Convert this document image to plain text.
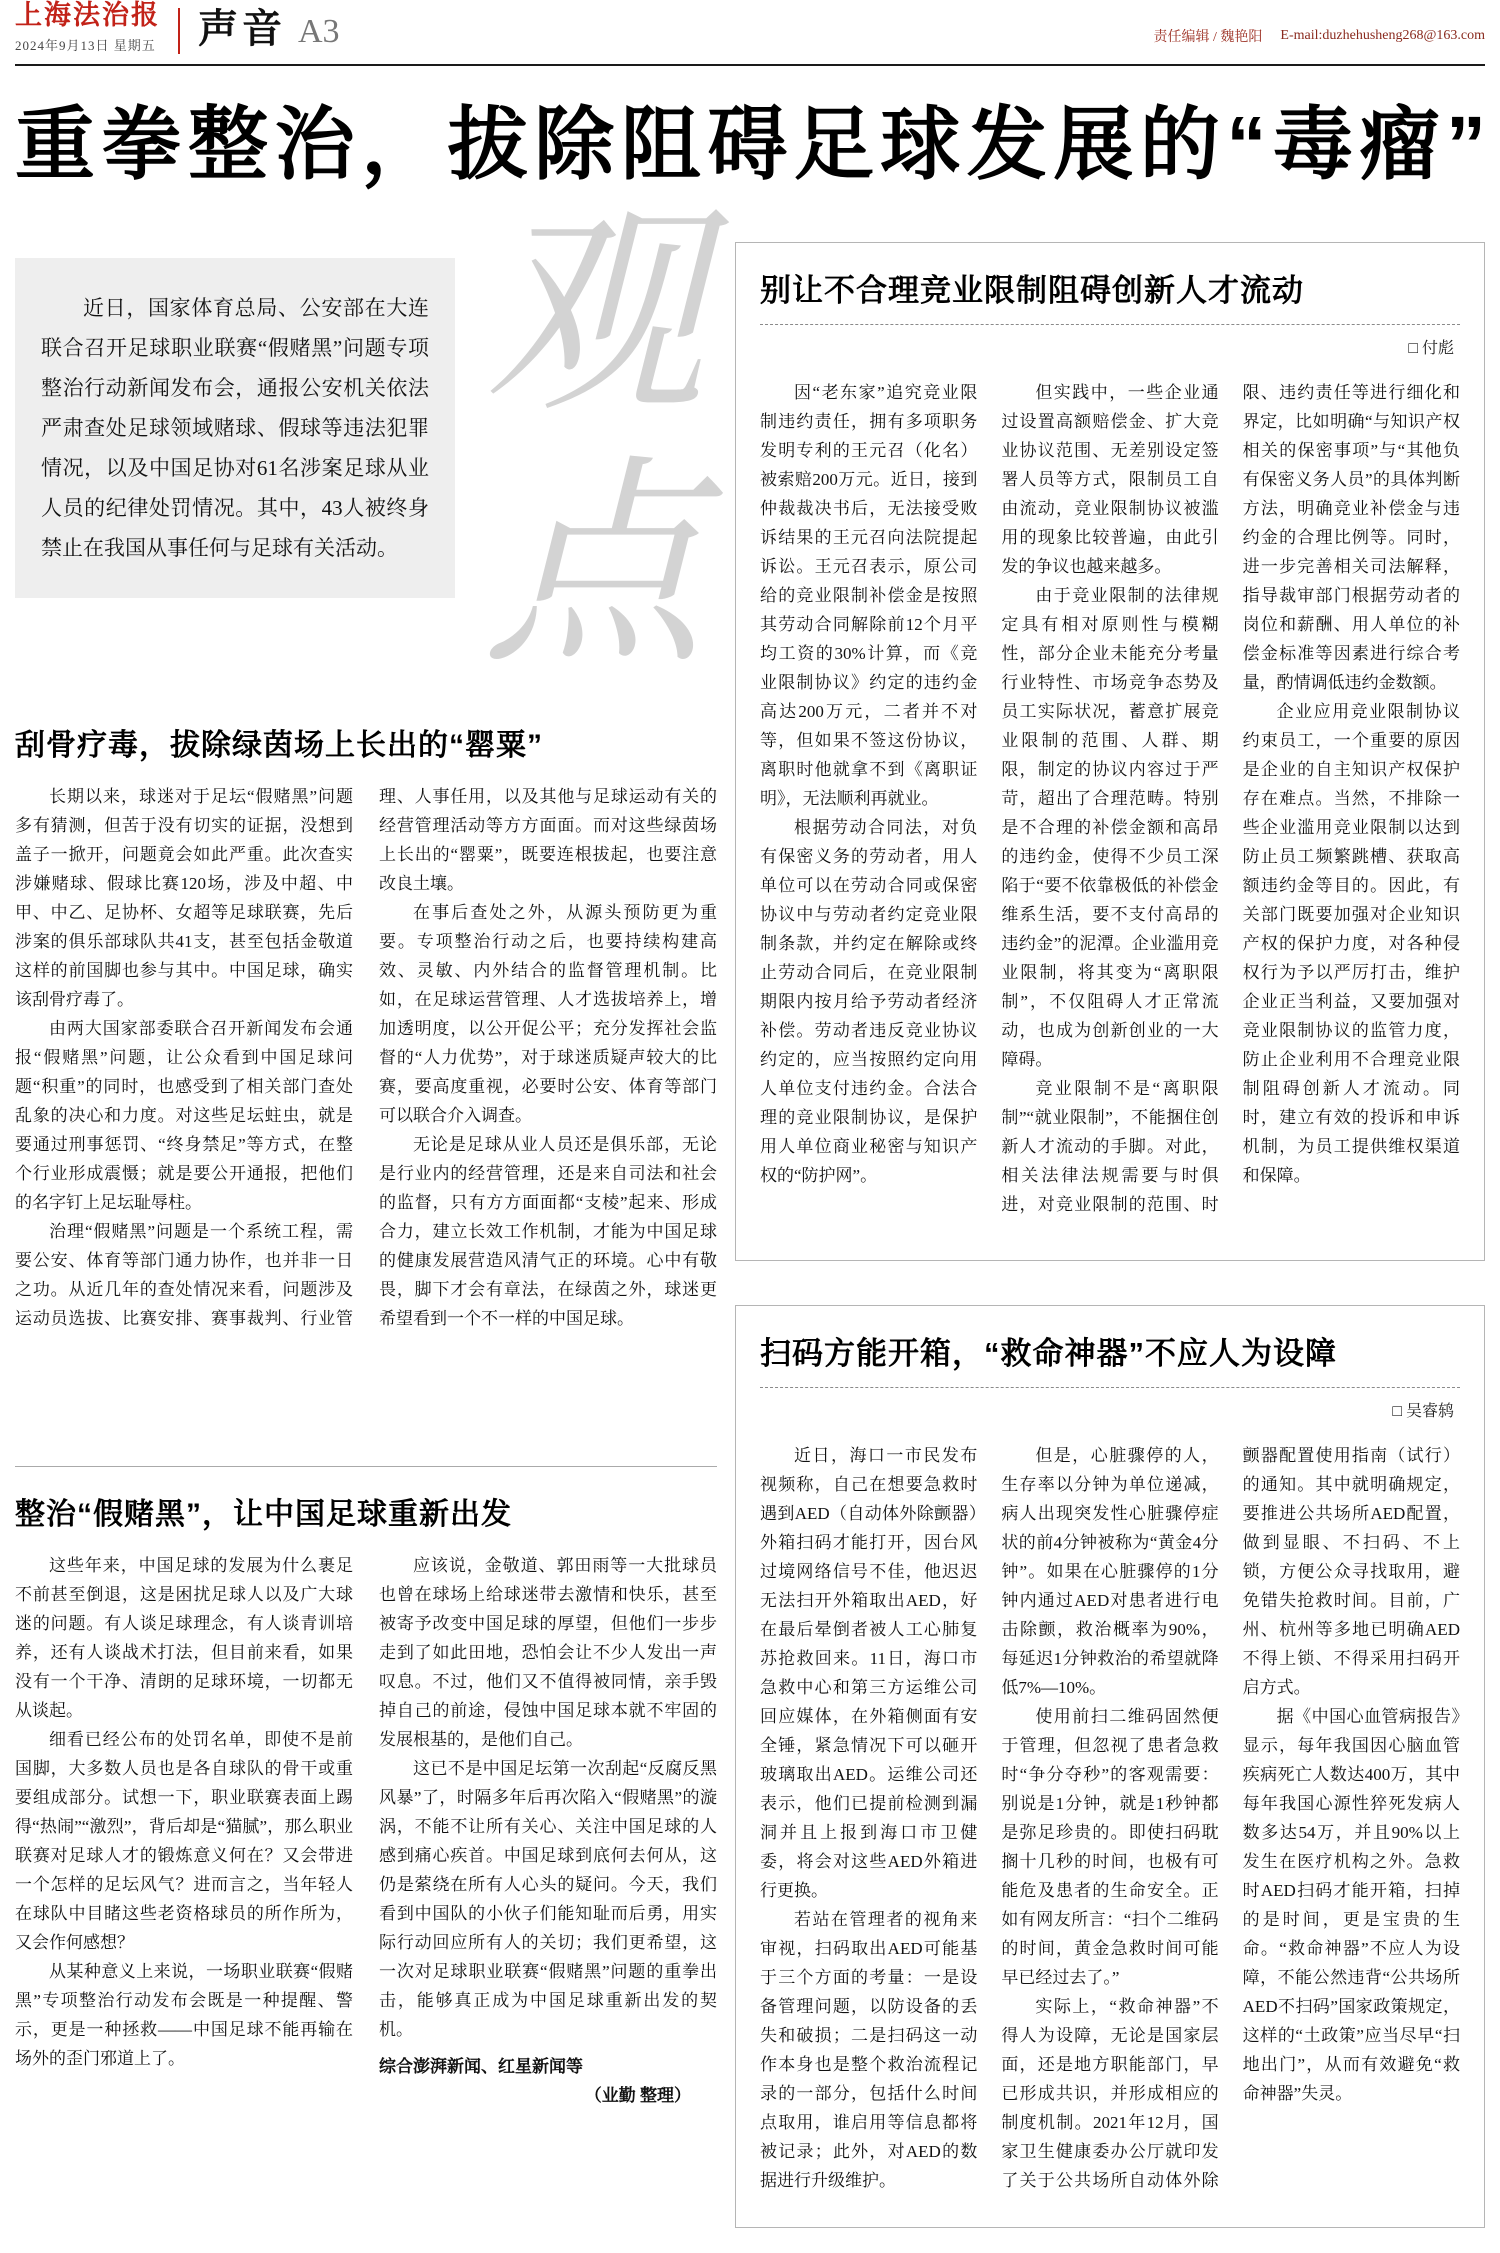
上海法治报
2024年9月13日 星期五 声音 A3	责任编辑 / 魏艳阳 E-mail:duzhehusheng268@163.com
重拳整治，拔除阻碍足球发展的“毒瘤”

近日，国家体育总局、公安部在大连联合召开足球职业联赛“假赌黑”问题专项整治行动新闻发布会，通报公安机关依法严肃查处足球领域赌球、假球等违法犯罪情况，以及中国足协对61名涉案足球从业人员的纪律处罚情况。其中，43人被终身禁止在我国从事任何与足球有关活动。

观
点
刮骨疗毒，拔除绿茵场上长出的“罂粟”

长期以来，球迷对于足坛“假赌黑”问题多有猜测，但苦于没有切实的证据，没想到盖子一掀开，问题竟会如此严重。此次查实涉嫌赌球、假球比赛120场，涉及中超、中甲、中乙、足协杯、女超等足球联赛，先后涉案的俱乐部球队共41支，甚至包括金敬道这样的前国脚也参与其中。中国足球，确实该刮骨疗毒了。

由两大国家部委联合召开新闻发布会通报“假赌黑”问题，让公众看到中国足球问题“积重”的同时，也感受到了相关部门查处乱象的决心和力度。对这些足坛蛀虫，就是要通过刑事惩罚、“终身禁足”等方式，在整个行业形成震慑；就是要公开通报，把他们的名字钉上足坛耻辱柱。

治理“假赌黑”问题是一个系统工程，需要公安、体育等部门通力协作，也并非一日之功。从近几年的查处情况来看，问题涉及运动员选拔、比赛安排、赛事裁判、行业管理、人事任用，以及其他与足球运动有关的经营管理活动等方方面面。而对这些绿茵场上长出的“罂粟”，既要连根拔起，也要注意改良土壤。

在事后查处之外，从源头预防更为重要。专项整治行动之后，也要持续构建高效、灵敏、内外结合的监督管理机制。比如，在足球运营管理、人才选拔培养上，增加透明度，以公开促公平；充分发挥社会监督的“人力优势”，对于球迷质疑声较大的比赛，要高度重视，必要时公安、体育等部门可以联合介入调查。

无论是足球从业人员还是俱乐部，无论是行业内的经营管理，还是来自司法和社会的监督，只有方方面面都“支棱”起来、形成合力，建立长效工作机制，才能为中国足球的健康发展营造风清气正的环境。心中有敬畏，脚下才会有章法，在绿茵之外，球迷更希望看到一个不一样的中国足球。

整治“假赌黑”，让中国足球重新出发

这些年来，中国足球的发展为什么裹足不前甚至倒退，这是困扰足球人以及广大球迷的问题。有人谈足球理念，有人谈青训培养，还有人谈战术打法，但目前来看，如果没有一个干净、清朗的足球环境，一切都无从谈起。

细看已经公布的处罚名单，即使不是前国脚，大多数人员也是各自球队的骨干或重要组成部分。试想一下，职业联赛表面上踢得“热闹”“激烈”，背后却是“猫腻”，那么职业联赛对足球人才的锻炼意义何在？又会带进一个怎样的足坛风气？进而言之，当年轻人在球队中目睹这些老资格球员的所作所为，又会作何感想？

从某种意义上来说，一场职业联赛“假赌黑”专项整治行动发布会既是一种提醒、警示，更是一种拯救——中国足球不能再输在场外的歪门邪道上了。

应该说，金敬道、郭田雨等一大批球员也曾在球场上给球迷带去激情和快乐，甚至被寄予改变中国足球的厚望，但他们一步步走到了如此田地，恐怕会让不少人发出一声叹息。不过，他们又不值得被同情，亲手毁掉自己的前途，侵蚀中国足球本就不牢固的发展根基的，是他们自己。

这已不是中国足坛第一次刮起“反腐反黑风暴”了，时隔多年后再次陷入“假赌黑”的漩涡，不能不让所有关心、关注中国足球的人感到痛心疾首。中国足球到底何去何从，这仍是萦绕在所有人心头的疑问。今天，我们看到中国队的小伙子们能知耻而后勇，用实际行动回应所有人的关切；我们更希望，这一次对足球职业联赛“假赌黑”问题的重拳出击，能够真正成为中国足球重新出发的契机。

综合澎湃新闻、红星新闻等

（业勤 整理）

别让不合理竞业限制阻碍创新人才流动
□ 付彪

因“老东家”追究竞业限制违约责任，拥有多项职务发明专利的王元召（化名）被索赔200万元。近日，接到仲裁裁决书后，无法接受败诉结果的王元召向法院提起诉讼。王元召表示，原公司给的竞业限制补偿金是按照其劳动合同解除前12个月平均工资的30%计算，而《竞业限制协议》约定的违约金高达200万元，二者并不对等，但如果不签这份协议，离职时他就拿不到《离职证明》，无法顺利再就业。

根据劳动合同法，对负有保密义务的劳动者，用人单位可以在劳动合同或保密协议中与劳动者约定竞业限制条款，并约定在解除或终止劳动合同后，在竞业限制期限内按月给予劳动者经济补偿。劳动者违反竞业协议约定的，应当按照约定向用人单位支付违约金。合法合理的竞业限制协议，是保护用人单位商业秘密与知识产权的“防护网”。

但实践中，一些企业通过设置高额赔偿金、扩大竞业协议范围、无差别设定签署人员等方式，限制员工自由流动，竞业限制协议被滥用的现象比较普遍，由此引发的争议也越来越多。

由于竞业限制的法律规定具有相对原则性与模糊性，部分企业未能充分考量行业特性、市场竞争态势及员工实际状况，蓄意扩展竞业限制的范围、人群、期限，制定的协议内容过于严苛，超出了合理范畴。特别是不合理的补偿金额和高昂的违约金，使得不少员工深陷于“要不依靠极低的补偿金维系生活，要不支付高昂的违约金”的泥潭。企业滥用竞业限制，将其变为“离职限制”，不仅阻碍人才正常流动，也成为创新创业的一大障碍。

竞业限制不是“离职限制”“就业限制”，不能捆住创新人才流动的手脚。对此，相关法律法规需要与时俱进，对竞业限制的范围、时限、违约责任等进行细化和界定，比如明确“与知识产权相关的保密事项”与“其他负有保密义务人员”的具体判断方法，明确竞业补偿金与违约金的合理比例等。同时，进一步完善相关司法解释，指导裁审部门根据劳动者的岗位和薪酬、用人单位的补偿金标准等因素进行综合考量，酌情调低违约金数额。

企业应用竞业限制协议约束员工，一个重要的原因是企业的自主知识产权保护存在难点。当然，不排除一些企业滥用竞业限制以达到防止员工频繁跳槽、获取高额违约金等目的。因此，有关部门既要加强对企业知识产权的保护力度，对各种侵权行为予以严厉打击，维护企业正当利益，又要加强对竞业限制协议的监管力度，防止企业利用不合理竞业限制阻碍创新人才流动。同时，建立有效的投诉和申诉机制，为员工提供维权渠道和保障。

扫码方能开箱，“救命神器”不应人为设障
□ 吴睿鸫

近日，海口一市民发布视频称，自己在想要急救时遇到AED（自动体外除颤器）外箱扫码才能打开，因台风过境网络信号不佳，他迟迟无法扫开外箱取出AED，好在最后晕倒者被人工心肺复苏抢救回来。11日，海口市急救中心和第三方运维公司回应媒体，在外箱侧面有安全锤，紧急情况下可以砸开玻璃取出AED。运维公司还表示，他们已提前检测到漏洞并且上报到海口市卫健委，将会对这些AED外箱进行更换。

若站在管理者的视角来审视，扫码取出AED可能基于三个方面的考量：一是设备管理问题，以防设备的丢失和破损；二是扫码这一动作本身也是整个救治流程记录的一部分，包括什么时间点取用，谁启用等信息都将被记录；此外，对AED的数据进行升级维护。

但是，心脏骤停的人，生存率以分钟为单位递减，病人出现突发性心脏骤停症状的前4分钟被称为“黄金4分钟”。如果在心脏骤停的1分钟内通过AED对患者进行电击除颤，救治概率为90%，每延迟1分钟救治的希望就降低7%—10%。

使用前扫二维码固然便于管理，但忽视了患者急救时“争分夺秒”的客观需要：别说是1分钟，就是1秒钟都是弥足珍贵的。即使扫码耽搁十几秒的时间，也极有可能危及患者的生命安全。正如有网友所言：“扫个二维码的时间，黄金急救时间可能早已经过去了。”

实际上，“救命神器”不得人为设障，无论是国家层面，还是地方职能部门，早已形成共识，并形成相应的制度机制。2021年12月，国家卫生健康委办公厅就印发了关于公共场所自动体外除颤器配置使用指南（试行）的通知。其中就明确规定，要推进公共场所AED配置，做到显眼、不扫码、不上锁，方便公众寻找取用，避免错失抢救时间。目前，广州、杭州等多地已明确AED不得上锁、不得采用扫码开启方式。

据《中国心血管病报告》显示，每年我国因心脑血管疾病死亡人数达400万，其中每年我国心源性猝死发病人数多达54万，并且90%以上发生在医疗机构之外。急救时AED扫码才能开箱，扫掉的是时间，更是宝贵的生命。“救命神器”不应人为设障，不能公然违背“公共场所AED不扫码”国家政策规定，这样的“土政策”应当尽早“扫地出门”，从而有效避免“救命神器”失灵。
